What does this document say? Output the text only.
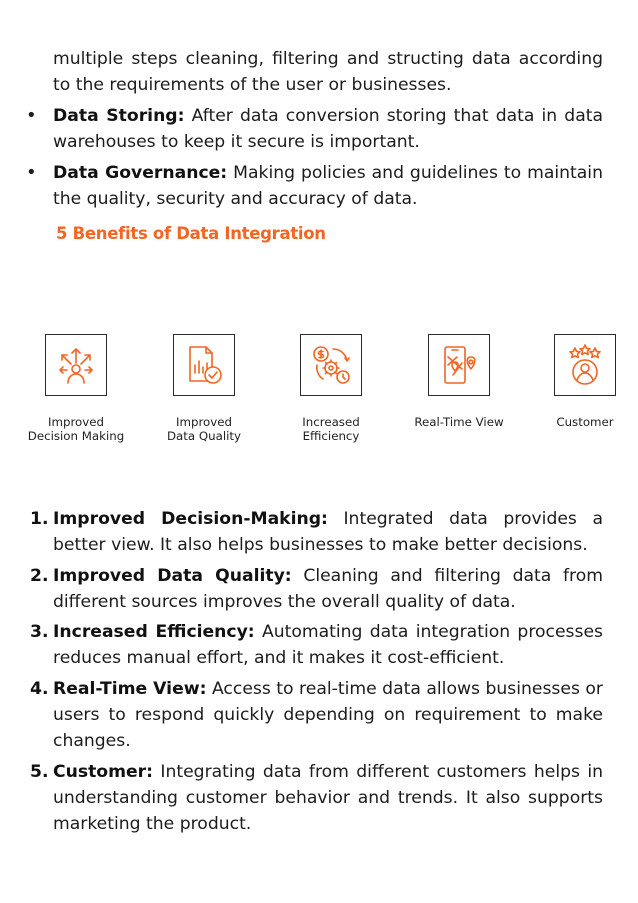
multiple steps cleaning, filtering and structing data according to the requirements of the user or businesses.
• Data Storing: After data conversion storing that data in data warehouses to keep it secure is important.
• Data Governance: Making policies and guidelines to maintain the quality, security and accuracy of data.
5 Benefits of Data Integration
Improved
Decision Making
Improved
Data Quality
Increased
Efficiency
Real-Time View	Customer
1. Improved Decision-Making: Integrated data provides a better view. It also helps businesses to make better decisions.
2. Improved Data Quality: Cleaning and filtering data from different sources improves the overall quality of data.
3. Increased Efficiency: Automating data integration processes reduces manual effort, and it makes it cost-efficient.
4. Real-Time View: Access to real-time data allows businesses or users to respond quickly depending on requirement to make changes.
5. Customer: Integrating data from different customers helps in understanding customer behavior and trends. It also supports marketing the product.
